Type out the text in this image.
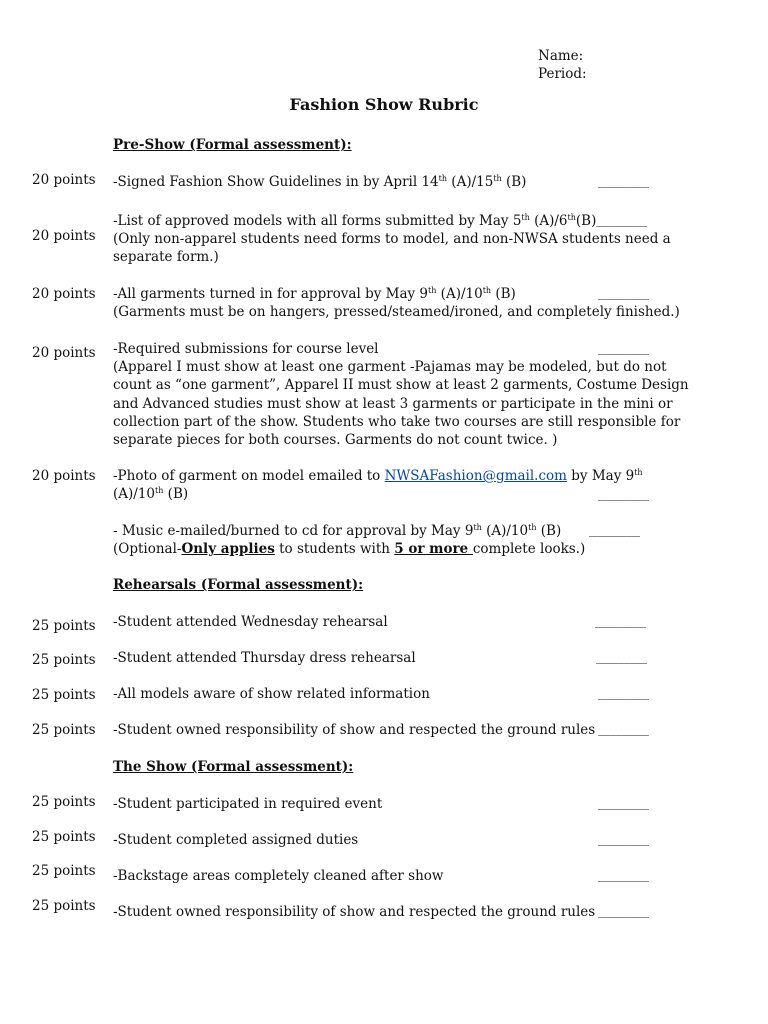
Name:
Period:
Fashion Show Rubric
Pre-Show (Formal assessment):
20 points -Signed Fashion Show Guidelines in by April 14th (A)/15th (B)	__________
20 points
-List of approved models with all forms submitted by May 5th (A)/6th(B)
(Only non-apparel students need forms to model, and non-NWSA students need a
separate form.)
__________
20 points -All garments turned in for approval by May 9th (A)/10th (B)
(Garments must be on hangers, pressed/steamed/ironed, and completely finished.)
__________
20 points -Required submissions for course level
(Apparel I must show at least one garment -Pajamas may be modeled, but do not
count as “one garment”, Apparel II must show at least 2 garments, Costume Design
and Advanced studies must show at least 3 garments or participate in the mini or
collection part of the show. Students who take two courses are still responsible for
separate pieces for both courses. Garments do not count twice. )
__________
20 points -Photo of garment on model emailed to NWSAFashion@gmail.com by May 9th
(A)/10th (B)	__________
- Music e-mailed/burned to cd for approval by May 9th (A)/10th (B)
(Optional-Only applies to students with 5 or more complete looks.)
__________
Rehearsals (Formal assessment):
25 points -Student attended Wednesday rehearsal	__________
25 points -Student attended Thursday dress rehearsal	__________
25 points -All models aware of show related information	__________
25 points -Student owned responsibility of show and respected the ground rules __________
The Show (Formal assessment):
25 points -Student participated in required event	__________
25 points -Student completed assigned duties	__________
25 points -Backstage areas completely cleaned after show	__________
25 points -Student owned responsibility of show and respected the ground rules __________
